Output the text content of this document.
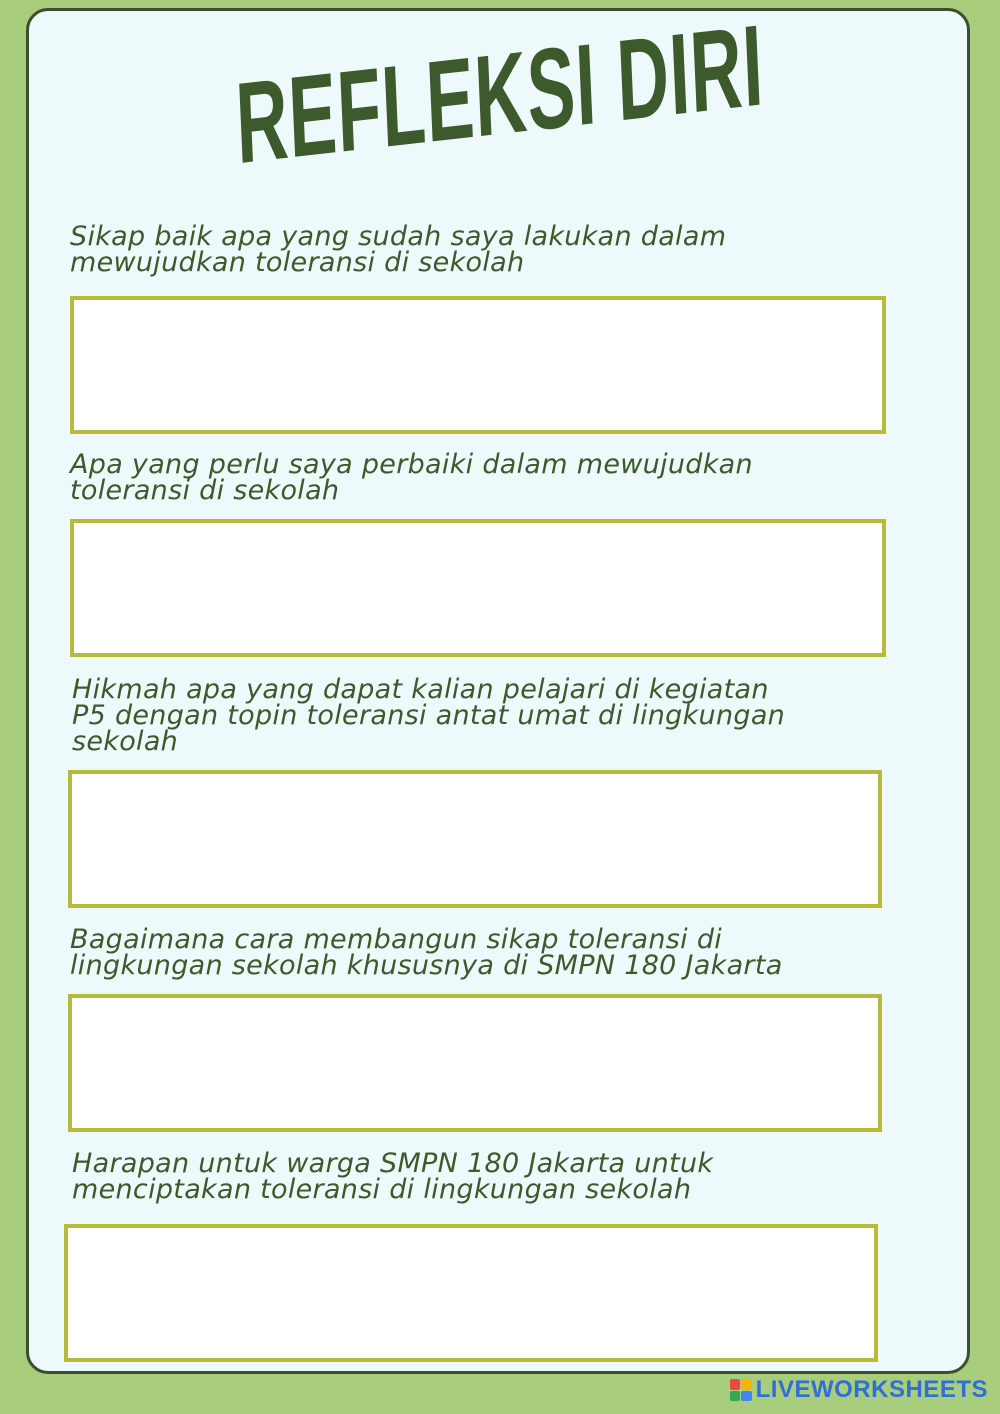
REFLEKSI DIRI

Sikap baik apa yang sudah saya lakukan dalam
mewujudkan toleransi di sekolah

Apa yang perlu saya perbaiki dalam mewujudkan
toleransi di sekolah

Hikmah apa yang dapat kalian pelajari di kegiatan
P5 dengan topin toleransi antat umat di lingkungan
sekolah

Bagaimana cara membangun sikap toleransi di
lingkungan sekolah khususnya di SMPN 180 Jakarta

Harapan untuk warga SMPN 180 Jakarta untuk
menciptakan toleransi di lingkungan sekolah

LIVEWORKSHEETS
